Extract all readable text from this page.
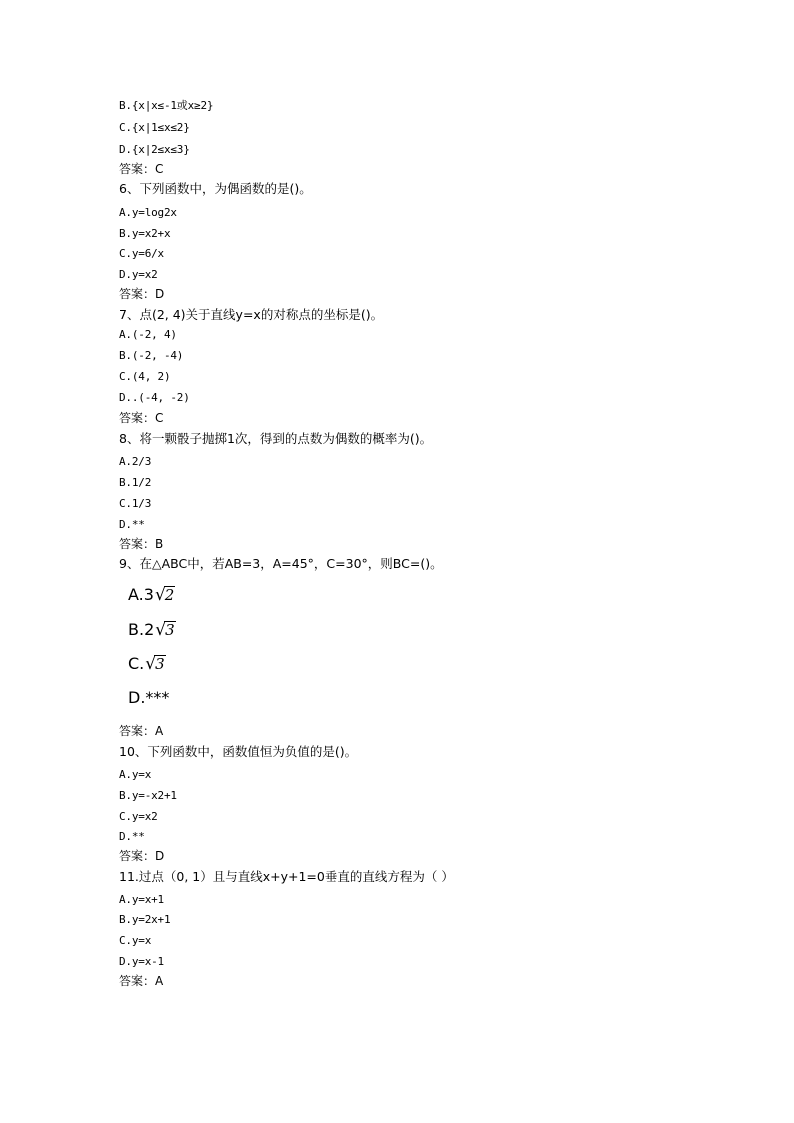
B.{x|x≤-1或x≥2}
C.{x|1≤x≤2}
D.{x|2≤x≤3}
答案：C
6、下列函数中，为偶函数的是()。
A.y=log2x
B.y=x2+x
C.y=6/x
D.y=x2
答案：D
7、点(2, 4)关于直线y=x的对称点的坐标是()。
A.(-2, 4)
B.(-2, -4)
C.(4, 2)
D..(-4, -2)
答案：C
8、将一颗骰子抛掷1次，得到的点数为偶数的概率为()。
A.2/3
B.1/2
C.1/3
D.**
答案：B
9、在△ABC中，若AB=3，A=45°，C=30°，则BC=()。
A.3√2
B.2√3
C.√3
D.***
答案：A
10、下列函数中，函数值恒为负值的是()。
A.y=x
B.y=-x2+1
C.y=x2
D.**
答案：D
11.过点（0, 1）且与直线x+y+1=0垂直的直线方程为（ ）
A.y=x+1
B.y=2x+1
C.y=x
D.y=x-1
答案：A
